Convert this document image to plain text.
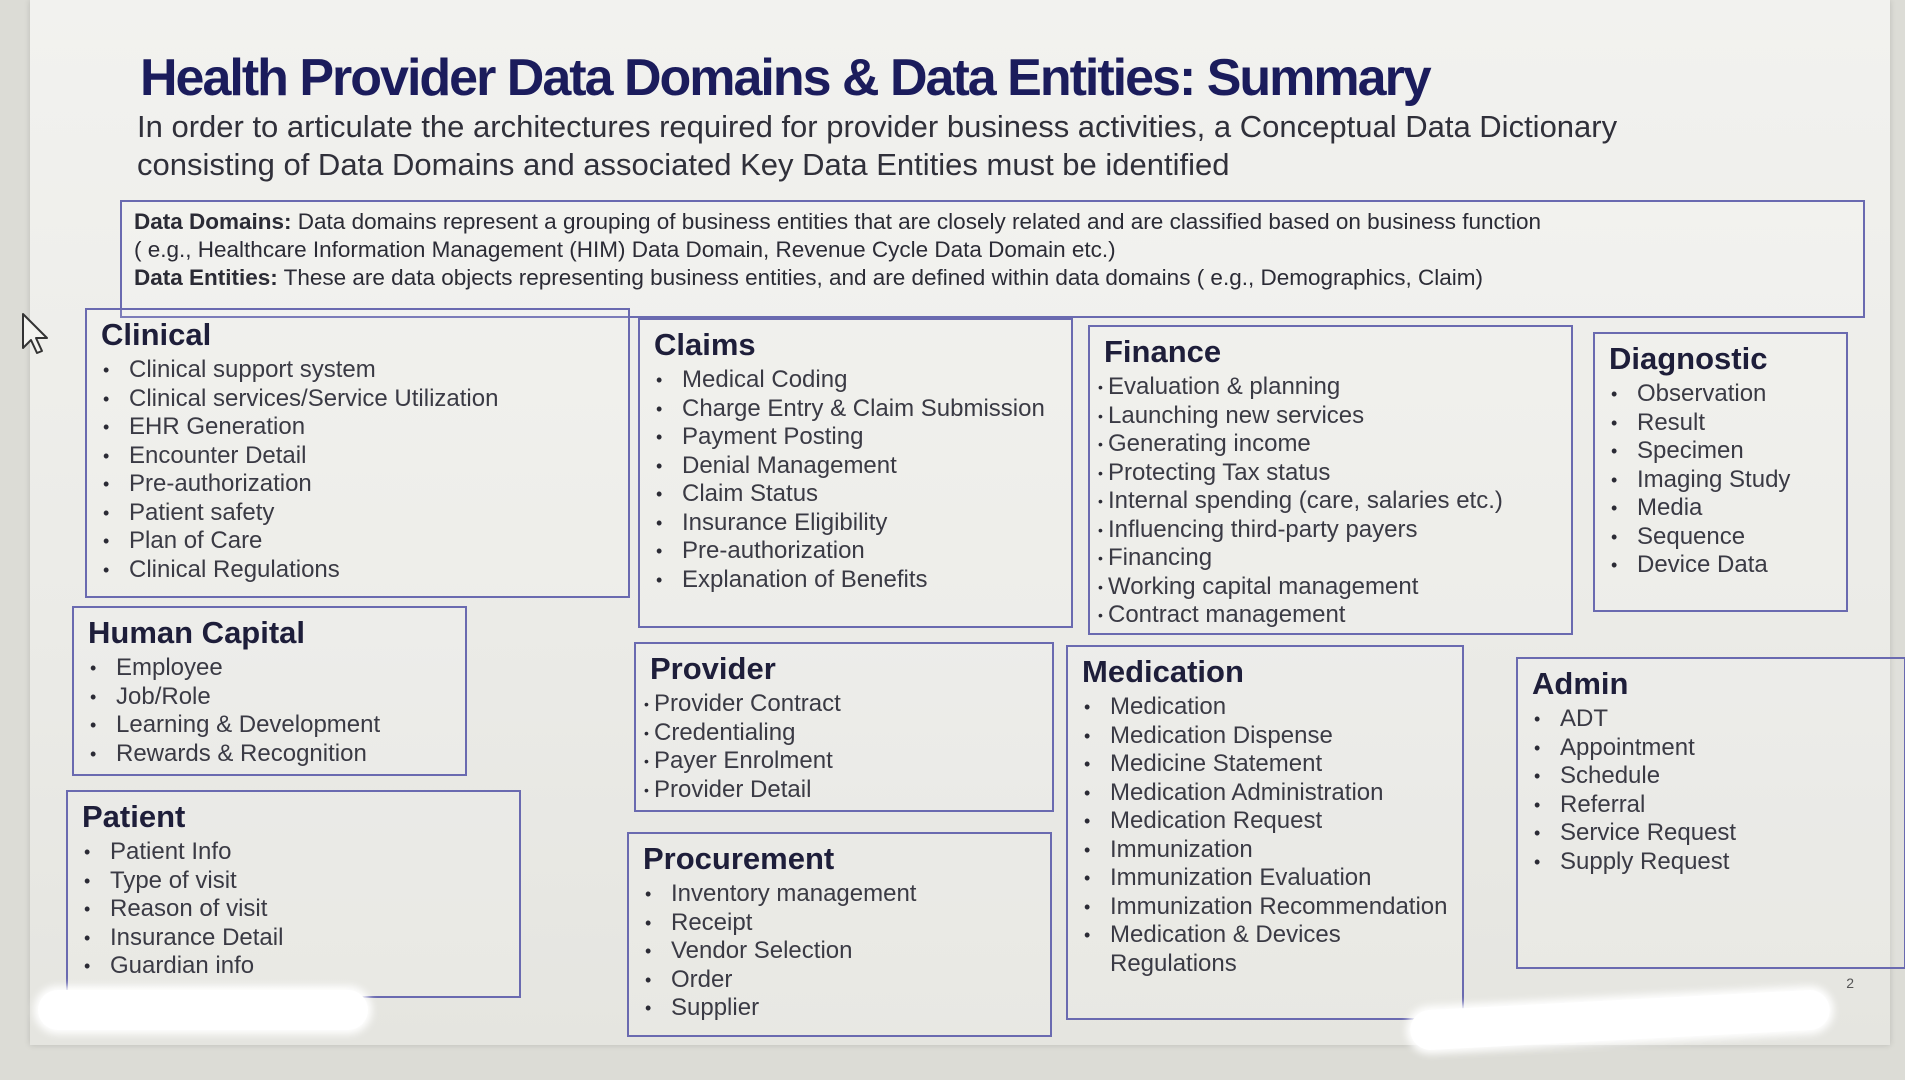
Health Provider Data Domains & Data Entities: Summary
In order to articulate the architectures required for provider business activities, a Conceptual Data Dictionary
consisting of Data Domains and associated Key Data Entities must be identified
Data Domains: Data domains represent a grouping of business entities that are closely related and are classified based on business function
( e.g., Healthcare Information Management (HIM) Data Domain, Revenue Cycle Data Domain etc.)
Data Entities: These are data objects representing business entities, and are defined within data domains ( e.g., Demographics, Claim)
Clinical
• Clinical support system
• Clinical services/Service Utilization
• EHR Generation
• Encounter Detail
• Pre-authorization
• Patient safety
• Plan of Care
• Clinical Regulations
Claims
• Medical Coding
• Charge Entry & Claim Submission
• Payment Posting
• Denial Management
• Claim Status
• Insurance Eligibility
• Pre-authorization
• Explanation of Benefits
Finance
• Evaluation & planning
• Launching new services
• Generating income
• Protecting Tax status
• Internal spending (care, salaries etc.)
• Influencing third-party payers
• Financing
• Working capital management
• Contract management
Diagnostic
• Observation
• Result
• Specimen
• Imaging Study
• Media
• Sequence
• Device Data
Human Capital
• Employee
• Job/Role
• Learning & Development
• Rewards & Recognition
Provider
• Provider Contract
• Credentialing
• Payer Enrolment
• Provider Detail
Medication
• Medication
• Medication Dispense
• Medicine Statement
• Medication Administration
• Medication Request
• Immunization
• Immunization Evaluation
• Immunization Recommendation
• Medication & Devices Regulations
Admin
• ADT
• Appointment
• Schedule
• Referral
• Service Request
• Supply Request
Patient
• Patient Info
• Type of visit
• Reason of visit
• Insurance Detail
• Guardian info
Procurement
• Inventory management
• Receipt
• Vendor Selection
• Order
• Supplier
2
